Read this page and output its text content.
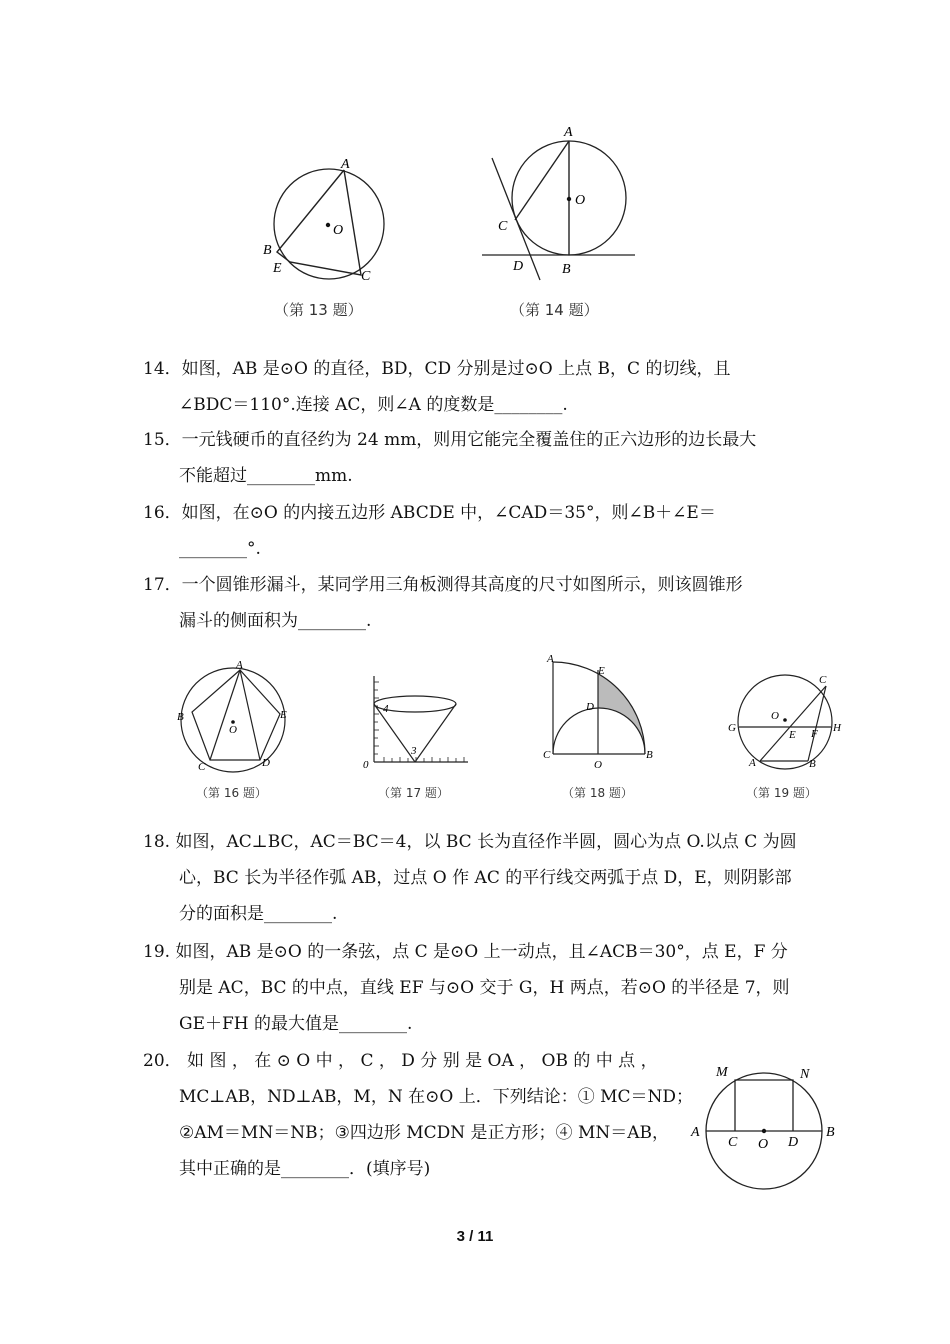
A
O
B
E
C
（第 13 题）
A
O
C
D	B
（第 14 题）
14．如图，AB 是⊙O 的直径，BD，CD 分别是过⊙O 上点 B，C 的切线，且
∠BDC＝110°.连接 AC，则∠A 的度数是________.
15．一元钱硬币的直径约为 24 mm，则用它能完全覆盖住的正六边形的边长最大
不能超过________mm.
16．如图，在⊙O 的内接五边形 ABCDE 中，∠CAD＝35°，则∠B＋∠E＝
________°.
17．一个圆锥形漏斗，某同学用三角板测得其高度的尺寸如图所示，则该圆锥形
漏斗的侧面积为________.
A
B	E
O
C	D
（第 16 题）
4
3
0
（第 17 题）
A
E
D
C
O
B
（第 18 题）
C
O
G	H
E F
A	B
（第 19 题）
18. 如图，AC⊥BC，AC＝BC＝4，以 BC 长为直径作半圆，圆心为点 O.以点 C 为圆
心，BC 长为半径作弧 AB，过点 O 作 AC 的平行线交两弧于点 D，E，则阴影部
分的面积是________.
19. 如图，AB 是⊙O 的一条弦，点 C 是⊙O 上一动点，且∠ACB＝30°，点 E，F 分
别是 AC，BC 的中点，直线 EF 与⊙O 交于 G，H 两点，若⊙O 的半径是 7，则
GE＋FH 的最大值是________.
20． 如 图 ， 在 ⊙ O 中 ， C ， D 分 别 是 OA ， OB 的 中 点 ，
MC⊥AB，ND⊥AB，M，N 在⊙O 上．下列结论：① MC＝ND；
②AM＝MN＝NB；③四边形 MCDN 是正方形；④ MN＝AB，
其中正确的是________．(填序号)
M	N
A
C O D
B
3 / 11
